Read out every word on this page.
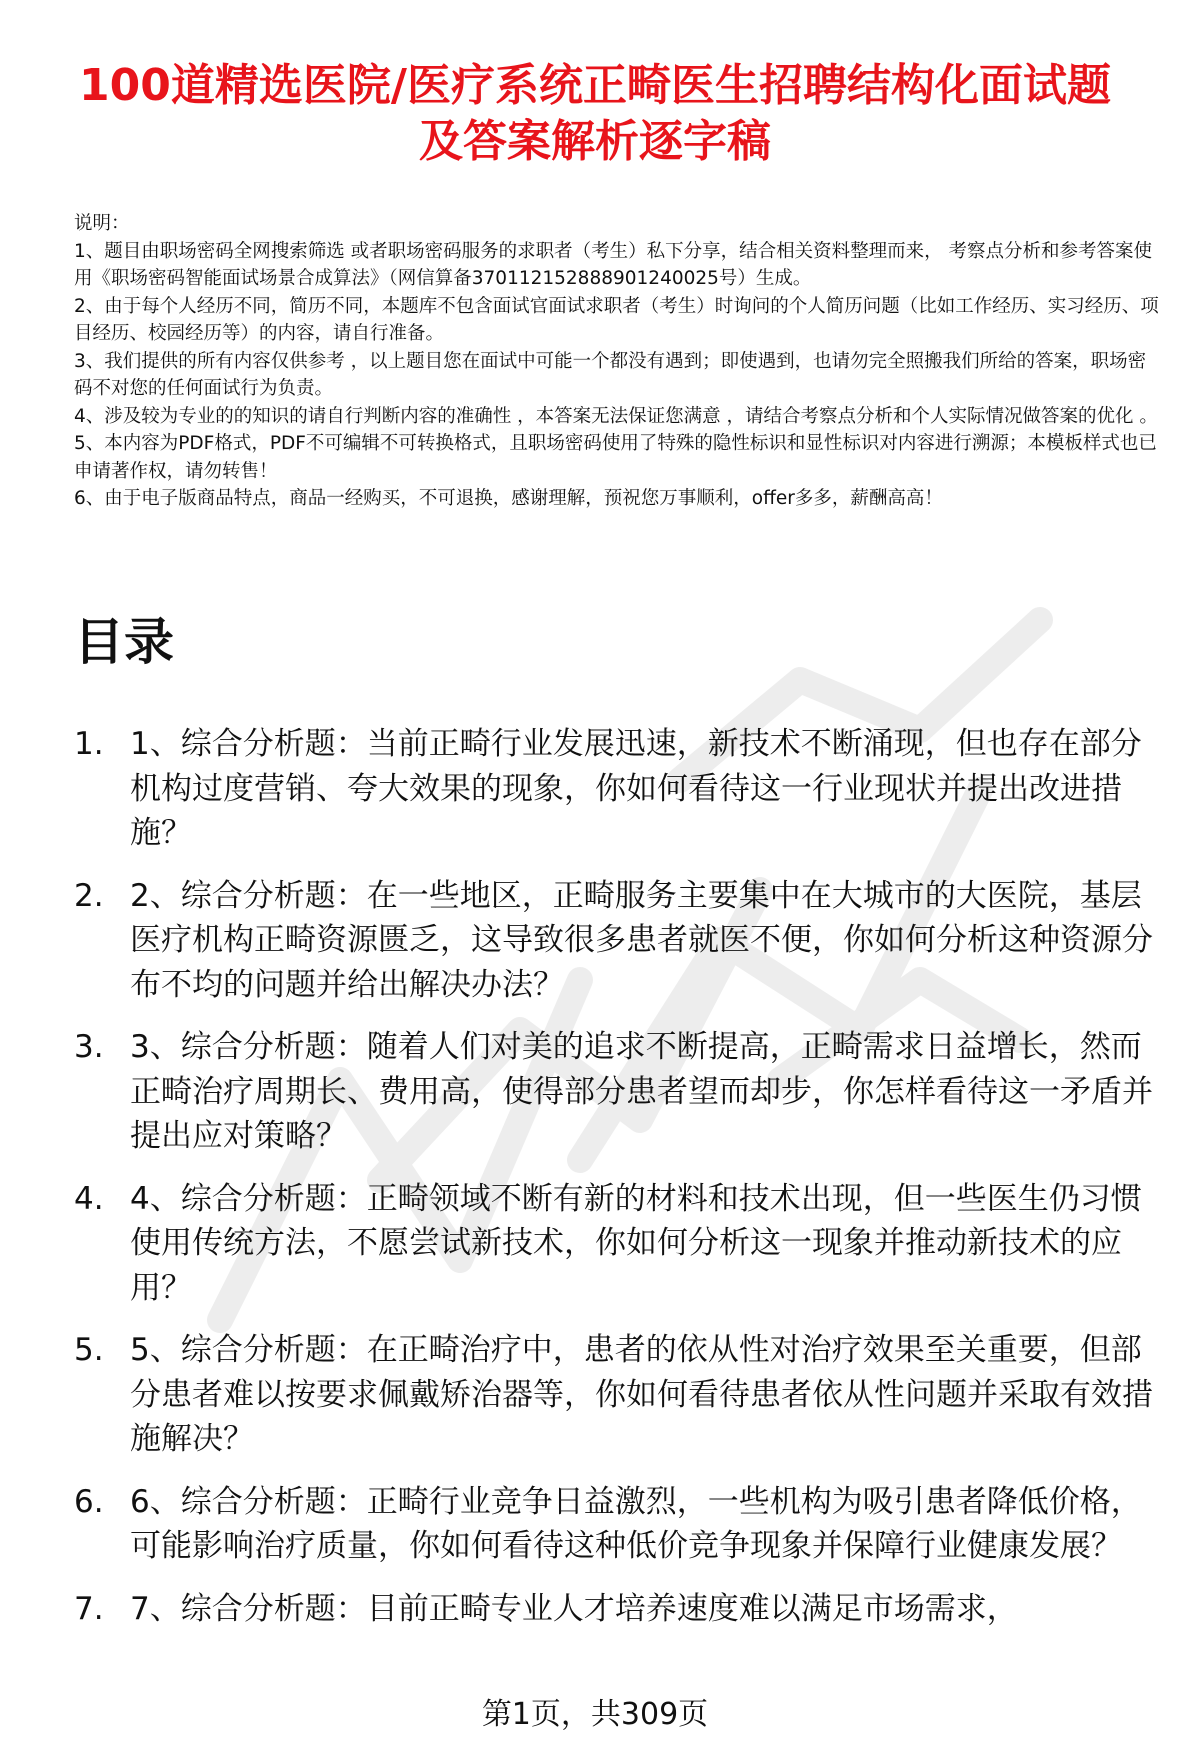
100道精选医院/医疗系统正畸医生招聘结构化面试题及答案解析逐字稿

说明：

1、题目由职场密码全网搜索筛选 或者职场密码服务的求职者（考生）私下分享，结合相关资料整理而来， 考察点分析和参考答案使用《职场密码智能面试场景合成算法》（网信算备370112152888901240025号）生成。

2、由于每个人经历不同，简历不同，本题库不包含面试官面试求职者（考生）时询问的个人简历问题（比如工作经历、实习经历、项目经历、校园经历等）的内容，请自行准备。

3、我们提供的所有内容仅供参考 ，以上题目您在面试中可能一个都没有遇到；即使遇到，也请勿完全照搬我们所给的答案，职场密码不对您的任何面试行为负责。

4、涉及较为专业的的知识的请自行判断内容的准确性 ，本答案无法保证您满意 ，请结合考察点分析和个人实际情况做答案的优化 。

5、本内容为PDF格式，PDF不可编辑不可转换格式，且职场密码使用了特殊的隐性标识和显性标识对内容进行溯源；本模板样式也已申请著作权，请勿转售！

6、由于电子版商品特点，商品一经购买，不可退换，感谢理解，预祝您万事顺利，offer多多，薪酬高高！

目录
1. 1、综合分析题：当前正畸行业发展迅速，新技术不断涌现，但也存在部分机构过度营销、夸大效果的现象，你如何看待这一行业现状并提出改进措施？
2. 2、综合分析题：在一些地区，正畸服务主要集中在大城市的大医院，基层医疗机构正畸资源匮乏，这导致很多患者就医不便，你如何分析这种资源分布不均的问题并给出解决办法？
3. 3、综合分析题：随着人们对美的追求不断提高，正畸需求日益增长，然而正畸治疗周期长、费用高，使得部分患者望而却步，你怎样看待这一矛盾并提出应对策略？
4. 4、综合分析题：正畸领域不断有新的材料和技术出现，但一些医生仍习惯使用传统方法，不愿尝试新技术，你如何分析这一现象并推动新技术的应用？
5. 5、综合分析题：在正畸治疗中，患者的依从性对治疗效果至关重要，但部分患者难以按要求佩戴矫治器等，你如何看待患者依从性问题并采取有效措施解决？
6. 6、综合分析题：正畸行业竞争日益激烈，一些机构为吸引患者降低价格，可能影响治疗质量，你如何看待这种低价竞争现象并保障行业健康发展？
7. 7、综合分析题：目前正畸专业人才培养速度难以满足市场需求，
第1页，共309页
